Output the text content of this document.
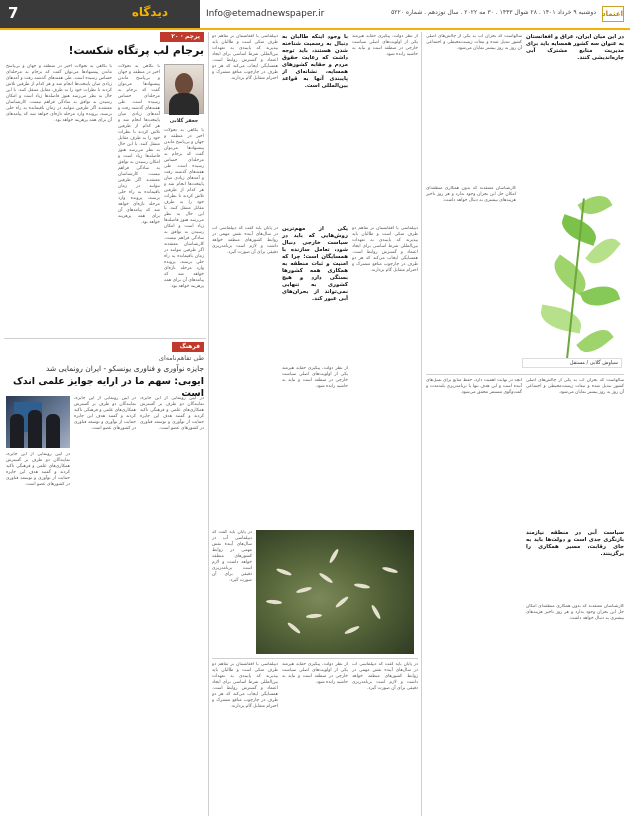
7	دیدگاه	Info@etemadnewspaper.ir	دوشنبه ۹ خرداد ۱۴۰۱ . ۲۸ شوال ۱۴۴۳ . ۳۰ مه ۲۰۲۲ . سال نوزدهم . شماره ۵۲۲۰ اعتماد
پرچم · ۲۰
برجام لب پرتگاه شکست!
جعفر گلابی
با نگاهی به تحولات اخیر در منطقه و جهان و بی‌پاسخ ماندن پیشنهادها می‌توان گفت که برجام به مرحله‌ای حساس رسیده است. طی هفته‌های گذشته رفت و آمدهای زیادی میان پایتخت‌ها انجام شد و هر کدام از طرفین تلاش کردند تا نظرات خود را به طرف مقابل منتقل کنند. با این حال به نظر می‌رسد هنوز فاصله‌ها زیاد است و امکان رسیدن به توافق به سادگی فراهم نیست. کارشناسان معتقدند اگر طرفین نتوانند در زمان باقیمانده به راه حلی برسند، پرونده وارد مرحله تازه‌ای خواهد شد که پیامدهای آن برای همه پرهزینه خواهد بود.
با نگاهی به تحولات اخیر در منطقه و جهان و بی‌پاسخ ماندن پیشنهادها می‌توان گفت که برجام به مرحله‌ای حساس رسیده است. طی هفته‌های گذشته رفت و آمدهای زیادی میان پایتخت‌ها انجام شد و هر کدام از طرفین تلاش کردند تا نظرات خود را به طرف مقابل منتقل کنند. با این حال به نظر می‌رسد هنوز فاصله‌ها زیاد است و امکان رسیدن به توافق به سادگی فراهم نیست. کارشناسان معتقدند اگر طرفین نتوانند در زمان باقیمانده به راه حلی برسند، پرونده وارد مرحله تازه‌ای خواهد شد که پیامدهای آن برای همه پرهزینه خواهد بود.
با نگاهی به تحولات اخیر در منطقه و جهان و بی‌پاسخ ماندن پیشنهادها می‌توان گفت که برجام به مرحله‌ای حساس رسیده است. طی هفته‌های گذشته رفت و آمدهای زیادی میان پایتخت‌ها انجام شد و هر کدام از طرفین تلاش کردند تا نظرات خود را به طرف مقابل منتقل کنند. با این حال به نظر می‌رسد هنوز فاصله‌ها زیاد است و امکان رسیدن به توافق به سادگی فراهم نیست. کارشناسان معتقدند اگر طرفین نتوانند در زمان باقیمانده به راه حلی برسند، پرونده وارد مرحله تازه‌ای خواهد شد که پیامدهای آن برای همه پرهزینه خواهد بود.
فرهنگ
طی تفاهم‌نامه‌ای
جایزه نوآوری و فناوری یونسکو - ایران رونمایی شد
ایوبی: سهم ما در ارایه جوایز علمی اندک است
در آیین رونمایی از این جایزه، نمایندگان دو طرف بر گسترش همکاری‌های علمی و فرهنگی تاکید کردند و گفتند هدف این جایزه حمایت از نوآوری و توسعه فناوری در کشورهای عضو است.
در آیین رونمایی از این جایزه، نمایندگان دو طرف بر گسترش همکاری‌های علمی و فرهنگی تاکید کردند و گفتند هدف این جایزه حمایت از نوآوری و توسعه فناوری در کشورهای عضو است.
در آیین رونمایی از این جایزه، نمایندگان دو طرف بر گسترش همکاری‌های علمی و فرهنگی تاکید کردند و گفتند هدف این جایزه حمایت از نوآوری و توسعه فناوری در کشورهای عضو است.
دیپلماسی با افغانستان بر تفاهم دو طرف متکی است و طالبان باید بپذیرند که پایبندی به تعهدات بین‌المللی شرط اساسی برای ایجاد اعتماد و گسترش روابط است. همسایگی ایجاب می‌کند که هر دو طرف در چارچوب منافع مشترک و احترام متقابل گام بردارند.
با وجود اینکه طالبان به دنبال به رسمیت شناخته شدن هستند، باید توجه داشت که رعایت حقوق مردم و حقابه کشورهای همسایه، نشانه‌ای از پایبندی آنها به قواعد بین‌المللی است.
از نظر دولت، پیگیری حقابه هیرمند یکی از اولویت‌های اصلی سیاست خارجی در منطقه است و نباید به حاشیه رانده شود.
یکی از مهم‌ترین روش‌هایی که باید در سیاست خارجی دنبال شود، تعامل سازنده با همسایگان است؛ چرا که امنیت و ثبات منطقه به همکاری همه کشورها بستگی دارد و هیچ کشوری به تنهایی نمی‌تواند از بحران‌های آبی عبور کند.
در پایان باید گفت که دیپلماسی آب در سال‌های آینده نقش مهمی در روابط کشورهای منطقه خواهد داشت و لازم است برنامه‌ریزی دقیقی برای آن صورت گیرد.
دیپلماسی با افغانستان بر تفاهم دو طرف متکی است و طالبان باید بپذیرند که پایبندی به تعهدات بین‌المللی شرط اساسی برای ایجاد اعتماد و گسترش روابط است. همسایگی ایجاب می‌کند که هر دو طرف در چارچوب منافع مشترک و احترام متقابل گام بردارند.
از نظر دولت، پیگیری حقابه هیرمند یکی از اولویت‌های اصلی سیاست خارجی در منطقه است و نباید به حاشیه رانده شود.
در پایان باید گفت که دیپلماسی آب در سال‌های آینده نقش مهمی در روابط کشورهای منطقه خواهد داشت و لازم است برنامه‌ریزی دقیقی برای آن صورت گیرد.
دیپلماسی با افغانستان بر تفاهم دو طرف متکی است و طالبان باید بپذیرند که پایبندی به تعهدات بین‌المللی شرط اساسی برای ایجاد اعتماد و گسترش روابط است. همسایگی ایجاب می‌کند که هر دو طرف در چارچوب منافع مشترک و احترام متقابل گام بردارند.
از نظر دولت، پیگیری حقابه هیرمند یکی از اولویت‌های اصلی سیاست خارجی در منطقه است و نباید به حاشیه رانده شود.
در پایان باید گفت که دیپلماسی آب در سال‌های آینده نقش مهمی در روابط کشورهای منطقه خواهد داشت و لازم است برنامه‌ریزی دقیقی برای آن صورت گیرد.
سالهاست که بحران آب به یکی از چالش‌های اصلی کشور تبدیل شده و تبعات زیست‌محیطی و اجتماعی آن روز به روز بیشتر نمایان می‌شود.
در این میان ایران، عراق و افغانستان به عنوان سه کشور همسایه باید برای مدیریت منابع مشترک آبی چاره‌اندیشی کنند.
سیاوش گلابی / مستقل
کارشناسان معتقدند که بدون همکاری منطقه‌ای امکان حل این بحران وجود ندارد و هر روز تاخیر هزینه‌های بیشتری به دنبال خواهد داشت.
آنچه در نهایت اهمیت دارد، حفظ منابع برای نسل‌های آینده است و این هدف تنها با برنامه‌ریزی بلندمدت و گفت‌وگوی مستمر محقق می‌شود.
سالهاست که بحران آب به یکی از چالش‌های اصلی کشور تبدیل شده و تبعات زیست‌محیطی و اجتماعی آن روز به روز بیشتر نمایان می‌شود.
سیاست آبی در منطقه نیازمند بازنگری جدی است و دولت‌ها باید به جای رقابت، مسیر همکاری را برگزینند.
کارشناسان معتقدند که بدون همکاری منطقه‌ای امکان حل این بحران وجود ندارد و هر روز تاخیر هزینه‌های بیشتری به دنبال خواهد داشت.
